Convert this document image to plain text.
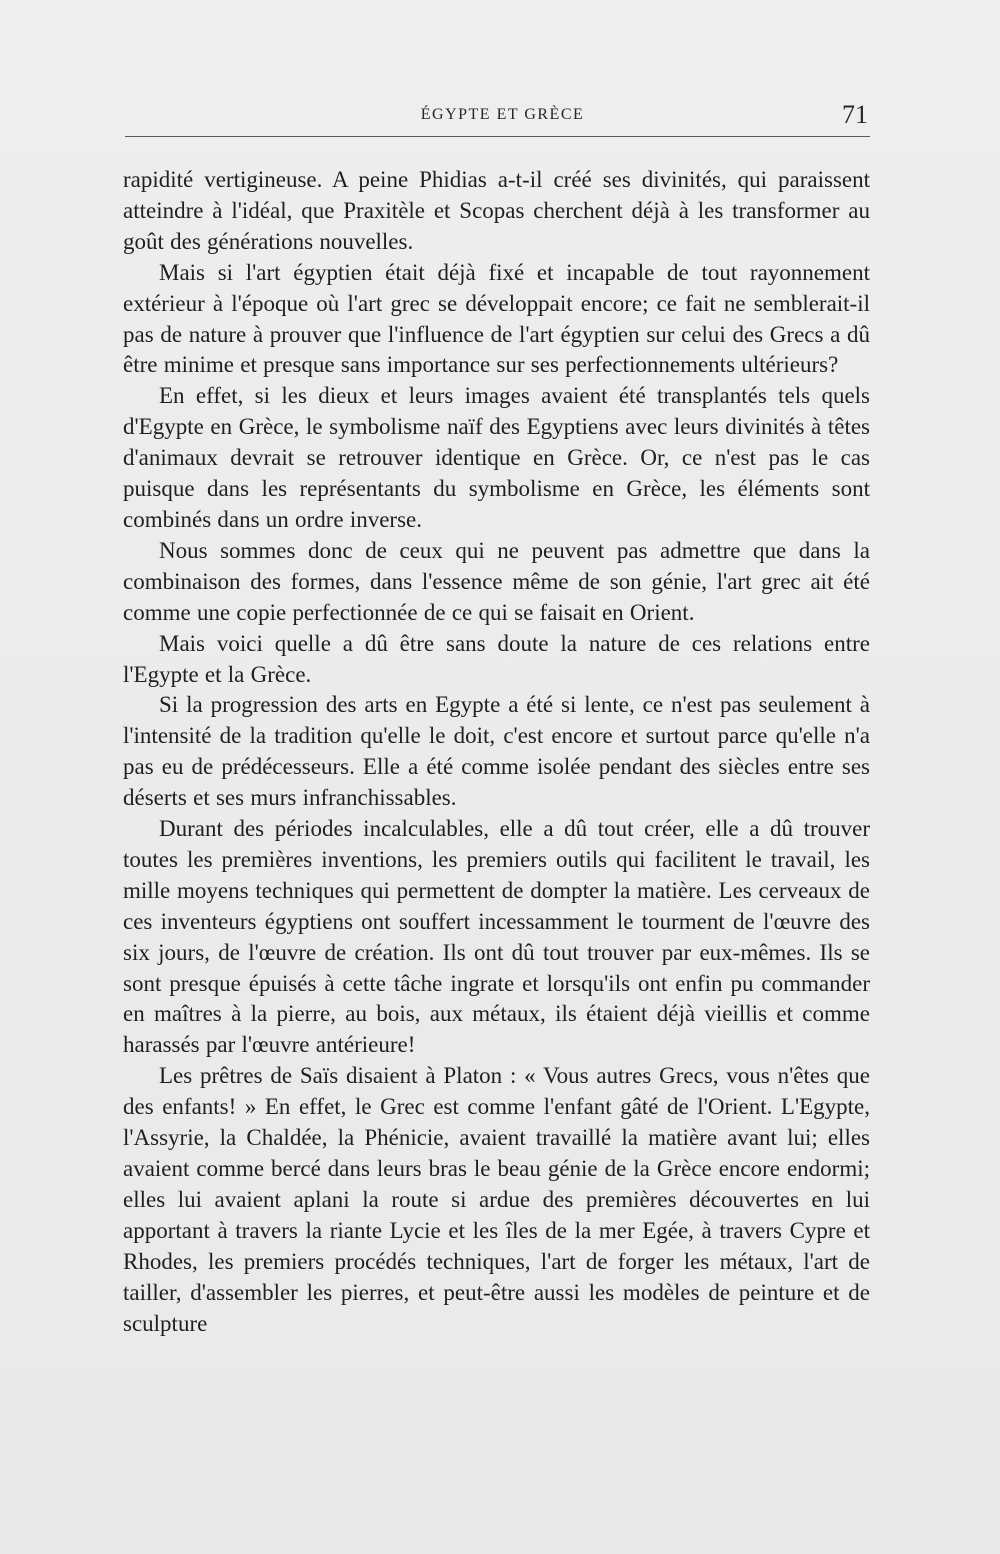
ÉGYPTE ET GRÈCE	71

rapidité vertigineuse. A peine Phidias a-t-il créé ses divinités, qui paraissent atteindre à l'idéal, que Praxitèle et Scopas cherchent déjà à les transformer au goût des générations nouvelles.

Mais si l'art égyptien était déjà fixé et incapable de tout rayonnement extérieur à l'époque où l'art grec se développait encore; ce fait ne semblerait-il pas de nature à prouver que l'influence de l'art égyptien sur celui des Grecs a dû être minime et presque sans importance sur ses perfectionnements ultérieurs?

En effet, si les dieux et leurs images avaient été transplantés tels quels d'Egypte en Grèce, le symbolisme naïf des Egyptiens avec leurs divinités à têtes d'animaux devrait se retrouver identique en Grèce. Or, ce n'est pas le cas puisque dans les représentants du symbolisme en Grèce, les éléments sont combinés dans un ordre inverse.

Nous sommes donc de ceux qui ne peuvent pas admettre que dans la combinaison des formes, dans l'essence même de son génie, l'art grec ait été comme une copie perfectionnée de ce qui se faisait en Orient.

Mais voici quelle a dû être sans doute la nature de ces relations entre l'Egypte et la Grèce.

Si la progression des arts en Egypte a été si lente, ce n'est pas seulement à l'intensité de la tradition qu'elle le doit, c'est encore et surtout parce qu'elle n'a pas eu de prédécesseurs. Elle a été comme isolée pendant des siècles entre ses déserts et ses murs infranchissables.

Durant des périodes incalculables, elle a dû tout créer, elle a dû trouver toutes les premières inventions, les premiers outils qui facilitent le travail, les mille moyens techniques qui permettent de dompter la matière. Les cerveaux de ces inventeurs égyptiens ont souffert incessamment le tourment de l'œuvre des six jours, de l'œuvre de création. Ils ont dû tout trouver par eux-mêmes. Ils se sont presque épuisés à cette tâche ingrate et lorsqu'ils ont enfin pu commander en maîtres à la pierre, au bois, aux métaux, ils étaient déjà vieillis et comme harassés par l'œuvre antérieure!

Les prêtres de Saïs disaient à Platon : « Vous autres Grecs, vous n'êtes que des enfants! » En effet, le Grec est comme l'enfant gâté de l'Orient. L'Egypte, l'Assyrie, la Chaldée, la Phénicie, avaient travaillé la matière avant lui; elles avaient comme bercé dans leurs bras le beau génie de la Grèce encore endormi; elles lui avaient aplani la route si ardue des premières découvertes en lui apportant à travers la riante Lycie et les îles de la mer Egée, à travers Cypre et Rhodes, les premiers procédés techniques, l'art de forger les métaux, l'art de tailler, d'assembler les pierres, et peut-être aussi les modèles de peinture et de sculpture
